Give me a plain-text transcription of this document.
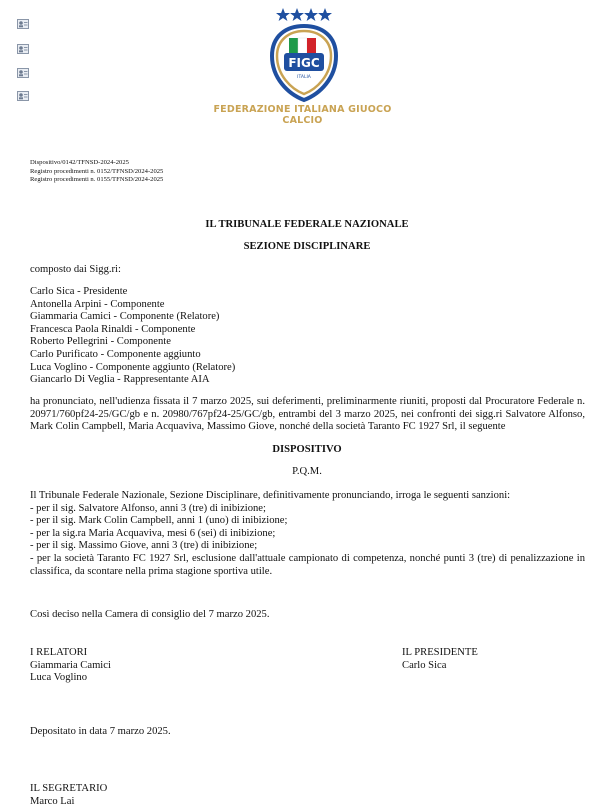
FIGC
ITALIA
FEDERAZIONE ITALIANA GIUOCO CALCIO
Dispositivo/0142/TFNSD-2024-2025
Registro procedimenti n. 0152/TFNSD/2024-2025
Registro procedimenti n. 0155/TFNSD/2024-2025
IL TRIBUNALE FEDERALE NAZIONALE
SEZIONE DISCIPLINARE
composto dai Sigg.ri:
Carlo Sica - Presidente
Antonella Arpini - Componente
Giammaria Camici - Componente (Relatore)
Francesca Paola Rinaldi - Componente
Roberto Pellegrini - Componente
Carlo Purificato - Componente aggiunto
Luca Voglino - Componente aggiunto (Relatore)
Giancarlo Di Veglia - Rappresentante AIA
ha pronunciato, nell'udienza fissata il 7 marzo 2025, sui deferimenti, preliminarmente riuniti, proposti dal Procuratore Federale n. 20971/760pf24-25/GC/gb e n. 20980/767pf24-25/GC/gb, entrambi del 3 marzo 2025, nei confronti dei sigg.ri Salvatore Alfonso, Mark Colin Campbell, Maria Acquaviva, Massimo Giove, nonché della società Taranto FC 1927 Srl, il seguente
DISPOSITIVO
P.Q.M.
Il Tribunale Federale Nazionale, Sezione Disciplinare, definitivamente pronunciando, irroga le seguenti sanzioni:
- per il sig. Salvatore Alfonso, anni 3 (tre) di inibizione;
- per il sig. Mark Colin Campbell, anni 1 (uno) di inibizione;
- per la sig.ra Maria Acquaviva, mesi 6 (sei) di inibizione;
- per il sig. Massimo Giove, anni 3 (tre) di inibizione;
- per la società Taranto FC 1927 Srl, esclusione dall'attuale campionato di competenza, nonché punti 3 (tre) di penalizzazione in classifica, da scontare nella prima stagione sportiva utile.
Così deciso nella Camera di consiglio del 7 marzo 2025.
I RELATORI
Giammaria Camici
Luca Voglino
IL PRESIDENTE
Carlo Sica
Depositato in data 7 marzo 2025.
IL SEGRETARIO
Marco Lai
